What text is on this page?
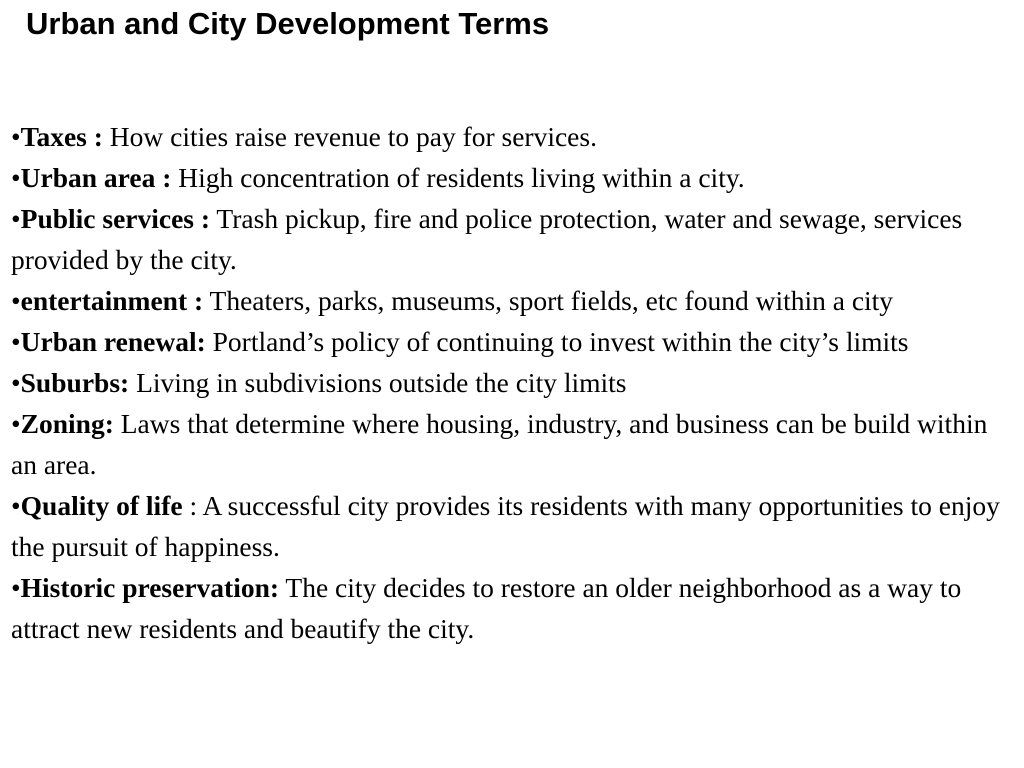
Urban and City Development Terms
•Taxes : How cities raise revenue to pay for services.
•Urban area : High concentration of residents living within a city.
•Public services : Trash pickup, fire and police protection, water and sewage, services provided by the city.
•entertainment : Theaters, parks, museums, sport fields, etc found within a city
•Urban renewal: Portland’s policy of continuing to invest within the city’s limits
•Suburbs: Living in subdivisions outside the city limits
•Zoning: Laws that determine where housing, industry, and business can be build within an area.
•Quality of life : A successful city provides its residents with many opportunities to enjoy the pursuit of happiness.
•Historic preservation: The city decides to restore an older neighborhood as a way to attract new residents and beautify the city.
